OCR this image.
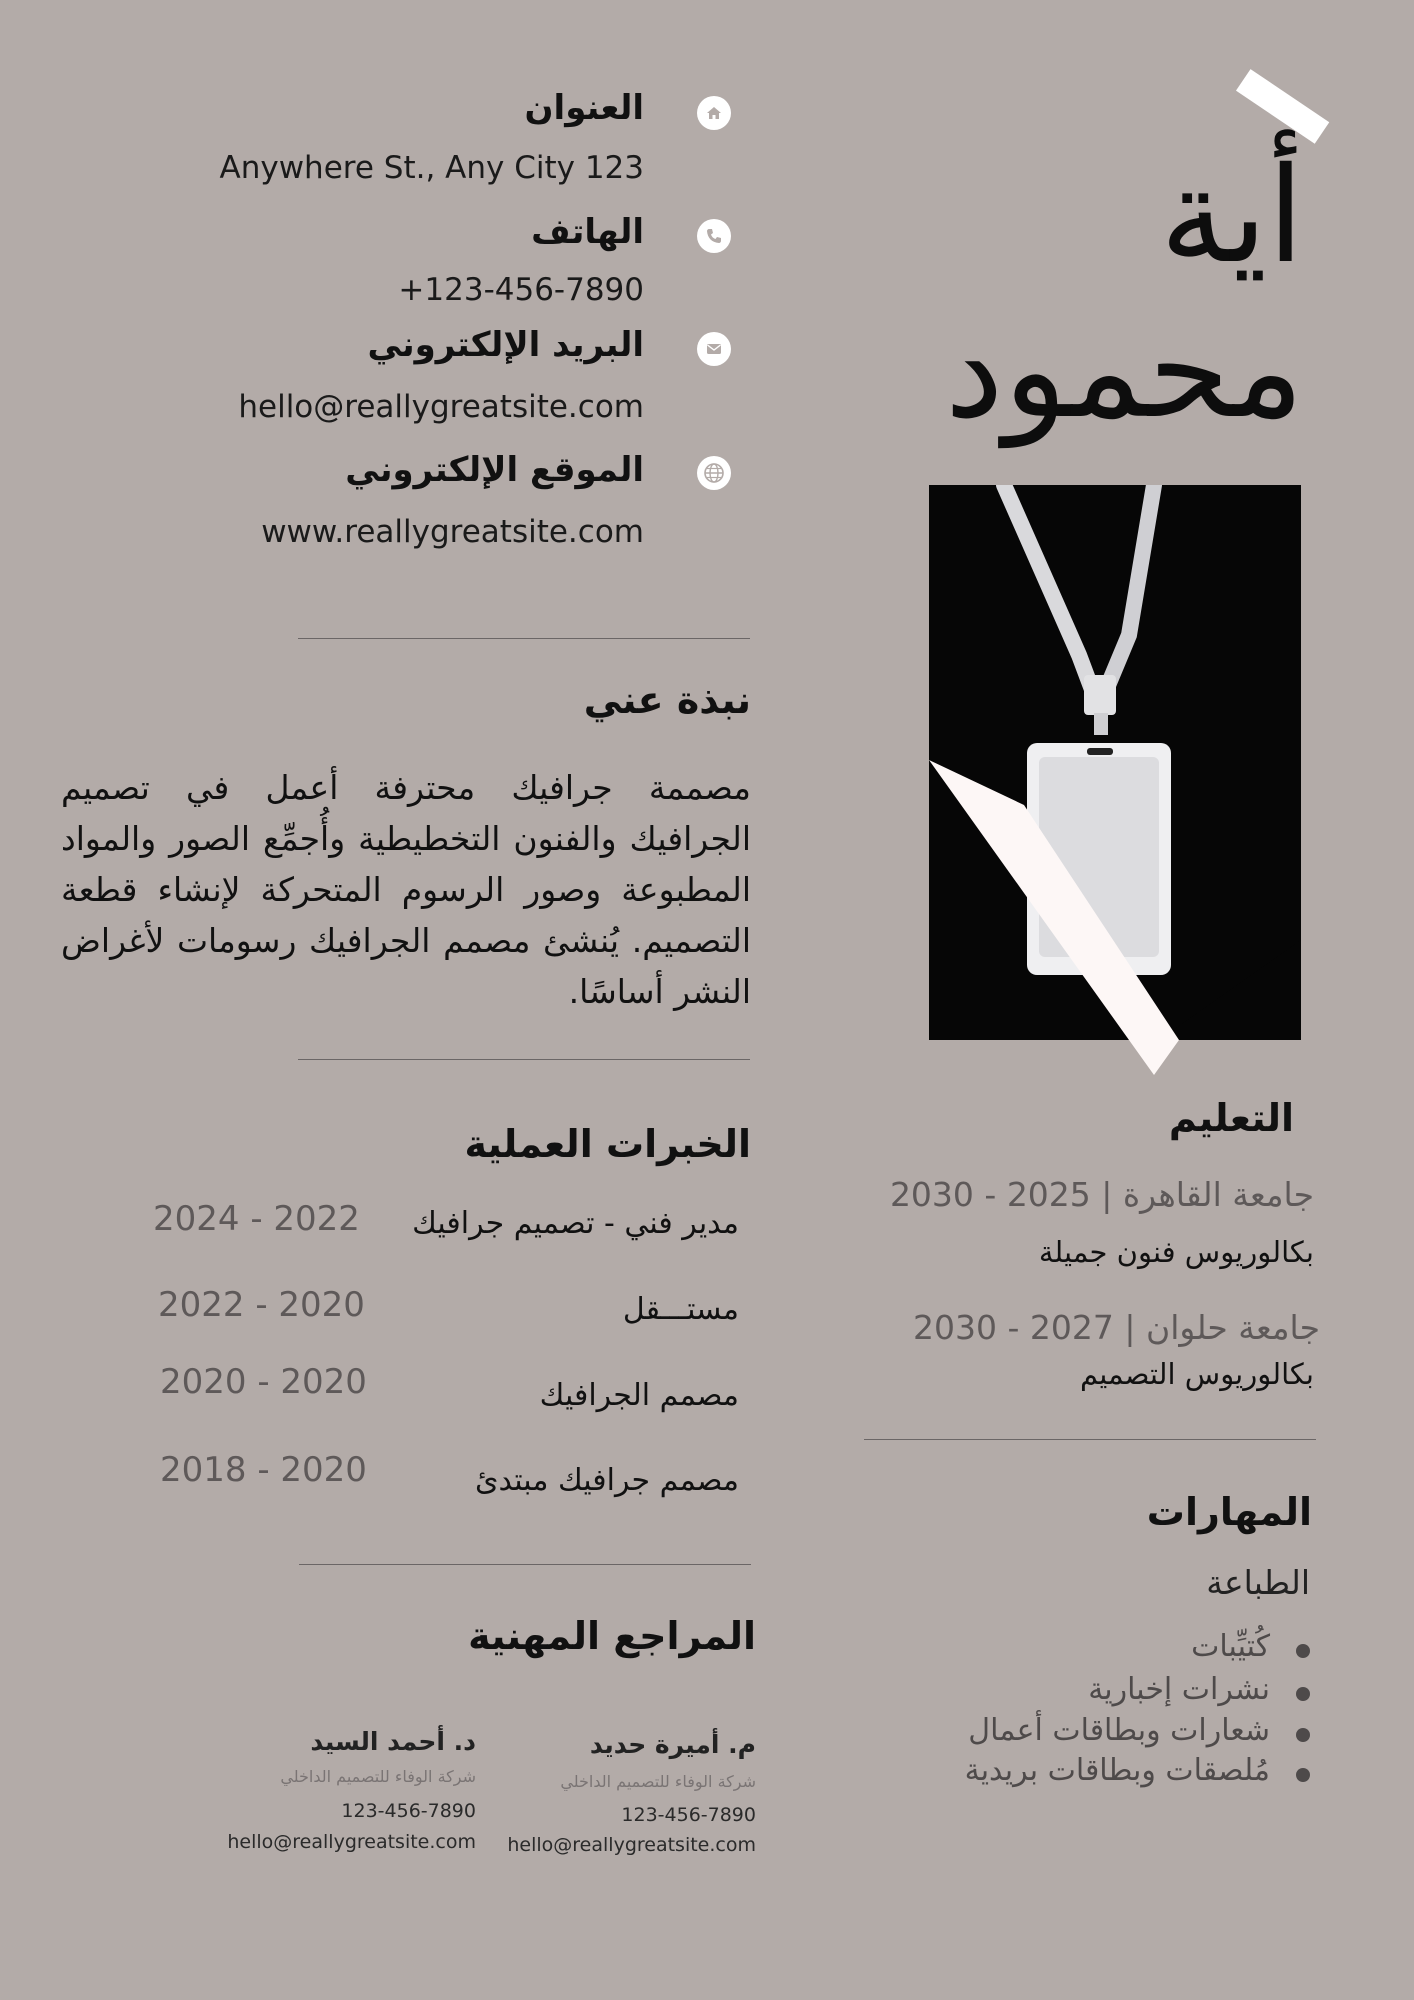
أية
محمود
العنوان
Anywhere St., Any City 123
الهاتف
+123-456-7890
البريد الإلكتروني
hello@reallygreatsite.com
الموقع الإلكتروني
www.reallygreatsite.com
نبذة عني
مصممة جرافيك محترفة أعمل في تصميم الجرافيك والفنون التخطيطية وأُجمِّع الصور والمواد المطبوعة وصور الرسوم المتحركة لإنشاء قطعة التصميم. يُنشئ مصمم الجرافيك رسومات لأغراض النشر أساسًا.
الخبرات العملية
مدير فني - تصميم جرافيك
2024 - 2022
مستـــقل
2022 - 2020
مصمم الجرافيك
2020 - 2020
مصمم جرافيك مبتدئ
2018 - 2020
المراجع المهنية
م. أميرة حديد
شركة الوفاء للتصميم الداخلي
123-456-7890
hello@reallygreatsite.com
د. أحمد السيد
شركة الوفاء للتصميم الداخلي
123-456-7890
hello@reallygreatsite.com
التعليم
جامعة القاهرة | 2025 - 2030
بكالوريوس فنون جميلة
جامعة حلوان | 2027 - 2030
بكالوريوس التصميم
المهارات
الطباعة
كُتيِّبات
نشرات إخبارية
شعارات وبطاقات أعمال
مُلصقات وبطاقات بريدية
